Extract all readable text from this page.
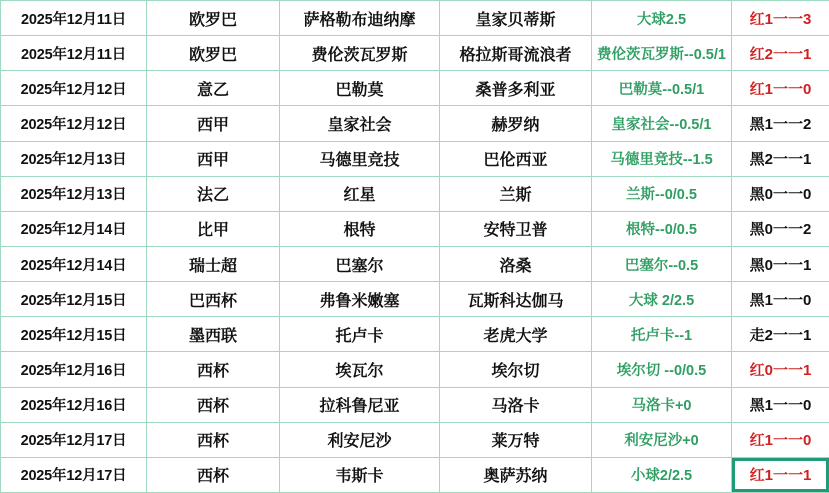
2025年12月11日	欧罗巴	萨格勒布迪纳摩	皇家贝蒂斯	大球2.5	红1一一3
2025年12月11日	欧罗巴	费伦茨瓦罗斯	格拉斯哥流浪者	费伦茨瓦罗斯--0.5/1	红2一一1
2025年12月12日	意乙	巴勒莫	桑普多利亚	巴勒莫--0.5/1	红1一一0
2025年12月12日	西甲	皇家社会	赫罗纳	皇家社会--0.5/1	黑1一一2
2025年12月13日	西甲	马德里竞技	巴伦西亚	马德里竞技--1.5	黑2一一1
2025年12月13日	法乙	红星	兰斯	兰斯--0/0.5	黑0一一0
2025年12月14日	比甲	根特	安特卫普	根特--0/0.5	黑0一一2
2025年12月14日	瑞士超	巴塞尔	洛桑	巴塞尔--0.5	黑0一一1
2025年12月15日	巴西杯	弗鲁米嫩塞	瓦斯科达伽马	大球 2/2.5	黑1一一0
2025年12月15日	墨西联	托卢卡	老虎大学	托卢卡--1	走2一一1
2025年12月16日	西杯	埃瓦尔	埃尔切	埃尔切 --0/0.5	红0一一1
2025年12月16日	西杯	拉科鲁尼亚	马洛卡	马洛卡+0	黑1一一0
2025年12月17日	西杯	利安尼沙	莱万特	利安尼沙+0	红1一一0
2025年12月17日	西杯	韦斯卡	奥萨苏纳	小球2/2.5	红1一一1
